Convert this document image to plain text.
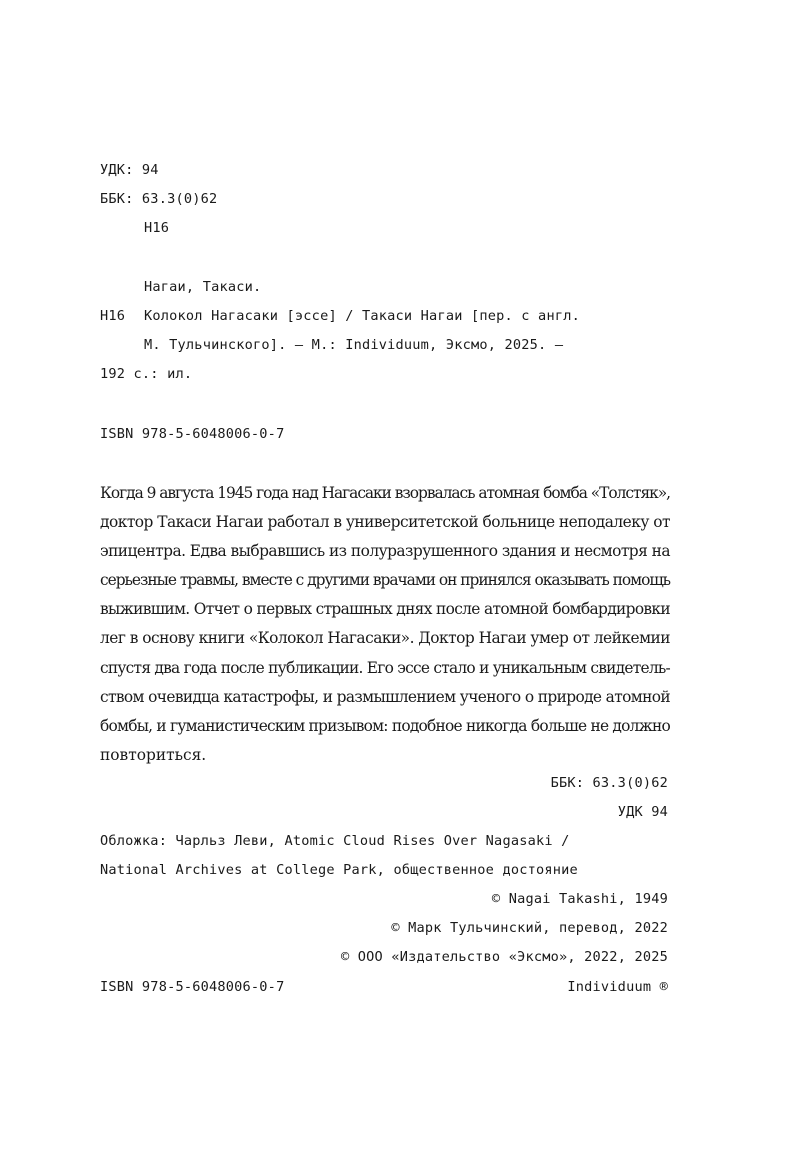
УДК: 94
ББК: 63.3(0)62
Н16
Нагаи, Такаси.
Н16 Колокол Нагасаки [эссе] / Такаси Нагаи [пер. с англ.
М. Тульчинского]. — М.: Individuum, Эксмо, 2025. —
192 с.: ил.
ISBN 978-5-6048006-0-7
Когда 9 августа 1945 года над Нагасаки взорвалась атомная бомба «Толстяк»,
доктор Такаси Нагаи работал в университетской больнице неподалеку от
эпицентра. Едва выбравшись из полуразрушенного здания и несмотря на
серьезные травмы, вместе с другими врачами он принялся оказывать помощь
выжившим. Отчет о первых страшных днях после атомной бомбардировки
лег в основу книги «Колокол Нагасаки». Доктор Нагаи умер от лейкемии
спустя два года после публикации. Его эссе стало и уникальным свидетель-
ством очевидца катастрофы, и размышлением ученого о природе атомной
бомбы, и гуманистическим призывом: подобное никогда больше не должно
повториться.
ББК: 63.3(0)62
УДК 94
Обложка: Чарльз Леви, Atomic Cloud Rises Over Nagasaki /
National Archives at College Park, общественное достояние
© Nagai Takashi, 1949
© Марк Тульчинский, перевод, 2022
© ООО «Издательство «Эксмо», 2022, 2025
ISBN 978-5-6048006-0-7	Individuum ®
